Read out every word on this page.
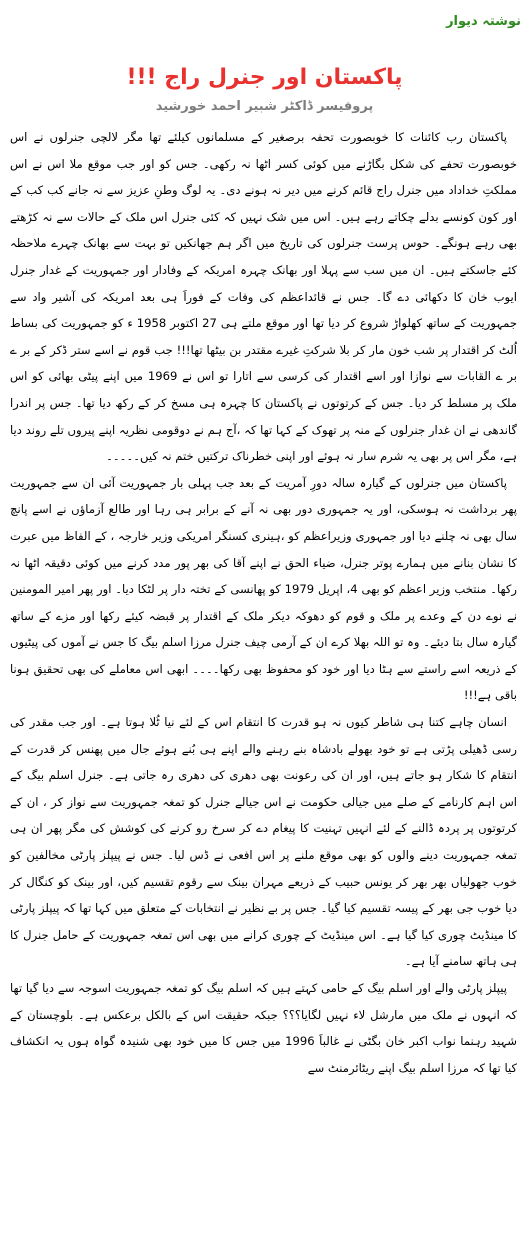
نوشتہ دیوار
پاکستان اور جنرل راج !!!
پروفیسر ڈاکٹر شبیر احمد خورشید

پاکستان رب کائنات کا خوبصورت تحفہ برصغیر کے مسلمانوں کیلئے تھا مگر لالچی جنرلوں نے اس خوبصورت تحفے کی شکل بگاڑنے میں کوئی کسر اٹھا نہ رکھی۔ جس کو اور جب موقع ملا اس نے اس مملکتِ خداداد میں جنرل راج قائم کرنے میں دیر نہ ہونے دی۔ یہ لوگ وطنِ عزیز سے نہ جانے کب کب کے اور کون کونسے بدلے چکاتے رہے ہیں۔ اس میں شک نہیں کہ کئی جنرل اس ملک کے حالات سے نہ کڑھتے بھی رہے ہونگے۔ حوس پرست جنرلوں کی تاریخ میں اگر ہم جھانکیں تو بہت سے بھانک چہرے ملاحظہ کئے جاسکتے ہیں۔ ان میں سب سے پہلا اور بھانک چہرہ امریکہ کے وفادار اور جمہوریت کے غدار جنرل ایوب خان کا دکھائی دے گا۔ جس نے قائداعظم کی وفات کے فوراََ ہی بعد امریکہ کی آشیر واد سے جمہوریت کے ساتھ کھلواڑ شروع کر دیا تھا اور موقع ملتے ہی 27 اکتوبر 1958 ء کو جمہوریت کی بساط اُلٹ کر اقتدار پر شب خون مار کر بلا شرکتِ غیرے مقتدر بن بیٹھا تھا!!! جب قوم نے اسے ستر ڈکر کے بر ے بر ے القابات سے نوازا اور اسے اقتدار کی کرسی سے اتارا تو اس نے 1969 میں اپنے پیٹی بھائی کو اس ملک پر مسلط کر دیا۔ جس کے کرتوتوں نے پاکستان کا چہرہ ہی مسخ کر کے رکھ دیا تھا۔ جس پر اندرا گاندھی نے ان غدار جنرلوں کے منہ پر تھوک کے کہا تھا کہ ،آج ہم نے دوقومی نظریہ اپنے پیروں تلے روند دیا ہے، مگر اس پر بھی یہ شرم سار نہ ہوئے اور اپنی خطرناک ترکتیں ختم نہ کیں۔۔۔۔۔

پاکستان میں جنرلوں کے گیارہ سالہ دورِ آمریت کے بعد جب پہلی بار جمہوریت آئی ان سے جمہوریت پھر برداشت نہ ہوسکی، اور یہ جمہوری دور بھی نہ آنے کے برابر ہی رہا اور طالع آزماؤں نے اسے پانچ سال بھی نہ چلنے دیا اور جمہوری وزیراعظم کو ،ہینری کسنگر امریکی وزیر خارجہ ، کے الفاظ میں عبرت کا نشان بنانے میں ہمارے پوتر جنرل، ضیاء الحق نے اپنے آقا کی بھر پور مدد کرنے میں کوئی دقیقہ اٹھا نہ رکھا۔ منتخب وزیر اعظم کو بھی 4، اپریل 1979 کو پھانسی کے تختہ دار پر لٹکا دیا۔ اور پھر امیر المومنین نے نوے دن کے وعدے پر ملک و قوم کو دھوکہ دیکر ملک کے اقتدار پر قبضہ کیئے رکھا اور مزے کے ساتھ گیارہ سال بتا دیئے۔ وہ تو اللہ بھلا کرے ان کے آرمی چیف جنرل مرزا اسلم بیگ کا جس نے آموں کی پیٹیوں کے ذریعہ اسے راستے سے ہٹا دیا اور خود کو محفوظ بھی رکھا۔۔۔۔ ابھی اس معاملے کی بھی تحقیق ہونا باقی ہے!!!

انسان چاہے کتنا ہی شاطر کیوں نہ ہو قدرت کا انتقام اس کے لئے نیا ٹُلا ہوتا ہے۔ اور جب مقدر کی رسی ڈھیلی پڑتی ہے تو خود بھولے بادشاہ بنے رہنے والے اپنے ہی بُنے ہوئے جال میں پھنس کر قدرت کے انتقام کا شکار ہو جاتے ہیں، اور ان کی رعونت بھی دھری کی دھری رہ جاتی ہے۔ جنرل اسلم بیگ کے اس اہم کارنامے کے صلے میں جیالی حکومت نے اس جیالے جنرل کو تمغہ جمہوریت سے نواز کر ، ان کے کرتوتوں پر پردہ ڈالنے کے لئے انہیں تہنیت کا پیغام دے کر سرخ رو کرنے کی کوشش کی مگر پھر ان ہی تمغہ جمہوریت دینے والوں کو بھی موقع ملنے پر اس افعی نے ڈس لیا۔ جس نے پیپلز پارٹی مخالفین کو خوب جھولیاں بھر بھر کر یونس حبیب کے ذریعے مہران بینک سے رقوم تقسیم کیں، اور بینک کو کنگال کر دیا خوب جی بھر کے پیسہ تقسیم کیا گیا۔ جس پر بے نظیر نے انتخابات کے متعلق میں کہا تھا کہ پیپلز پارٹی کا مینڈیٹ چوری کیا گیا ہے۔ اس مینڈیٹ کے چوری کرانے میں بھی اس تمغہ جمہوریت کے حامل جنرل کا ہی ہاتھ سامنے آیا ہے۔

پیپلز پارٹی والے اور اسلم بیگ کے حامی کہتے ہیں کہ اسلم بیگ کو تمغہ جمہوریت اسوجہ سے دیا گیا تھا کہ انہوں نے ملک میں مارشل لاء نہیں لگایا؟؟؟ جبکہ حقیقت اس کے بالکل برعکس ہے۔ بلوچستان کے شہید رہنما نواب اکبر خان بگٹی نے غالباََ 1996 میں جس کا میں خود بھی شنیدہ گواہ ہوں یہ انکشاف کیا تھا کہ مرزا اسلم بیگ اپنے ریٹائرمنٹ سے
